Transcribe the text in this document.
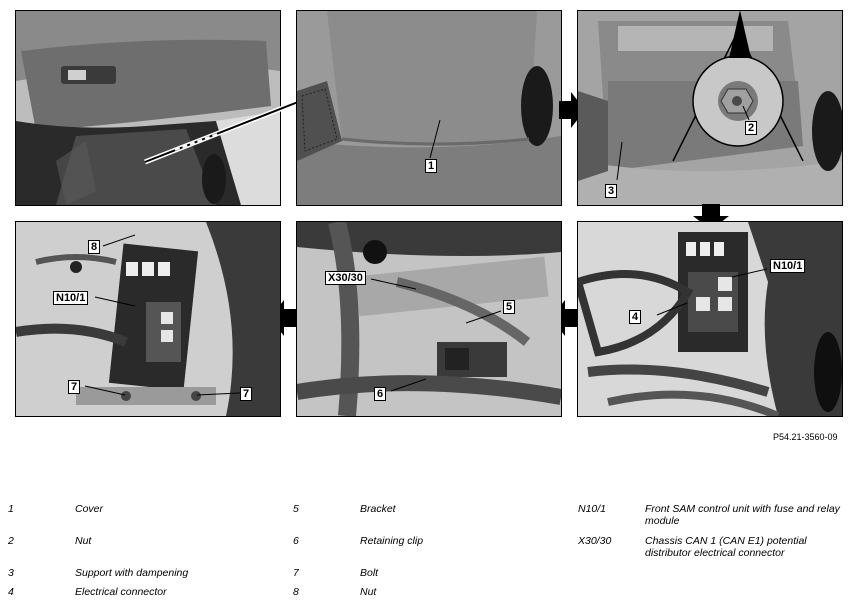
1
2
3
N10/1
4
X30/30
5
6
8
N10/1
7
7
P54.21-3560-09
1	Cover
2	Nut
3	Support with dampening
4	Electrical connector
5	Bracket
6	Retaining clip
7	Bolt
8	Nut
N10/1	Front SAM control unit with fuse and relay module
X30/30	Chassis CAN 1 (CAN E1) potential distributor electrical connector
